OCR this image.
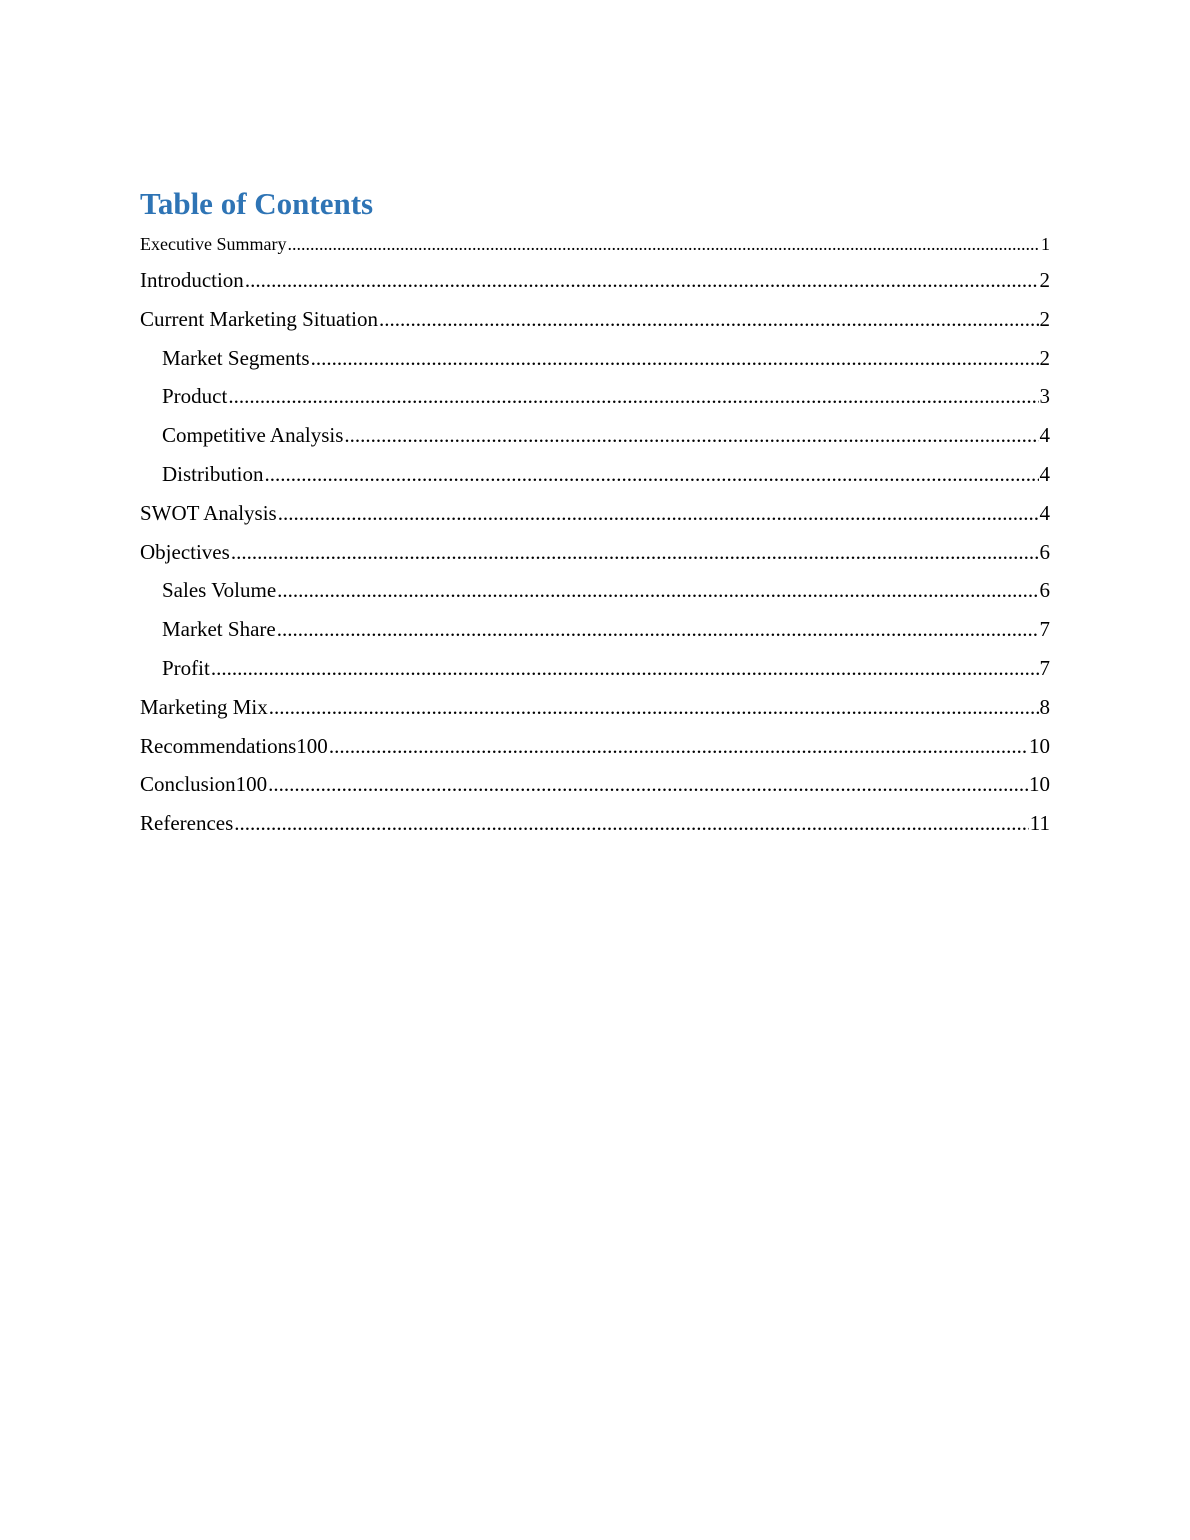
Table of Contents
Executive Summary .....	1
Introduction .....	2
Current Marketing Situation .....	2
Market Segments .....	2
Product .....	3
Competitive Analysis .....	4
Distribution .....	4
SWOT Analysis .....	4
Objectives .....	6
Sales Volume .....	6
Market Share .....	7
Profit .....	7
Marketing Mix .....	8
Recommendations100 .....	10
Conclusion100 .....	10
References .....	11
